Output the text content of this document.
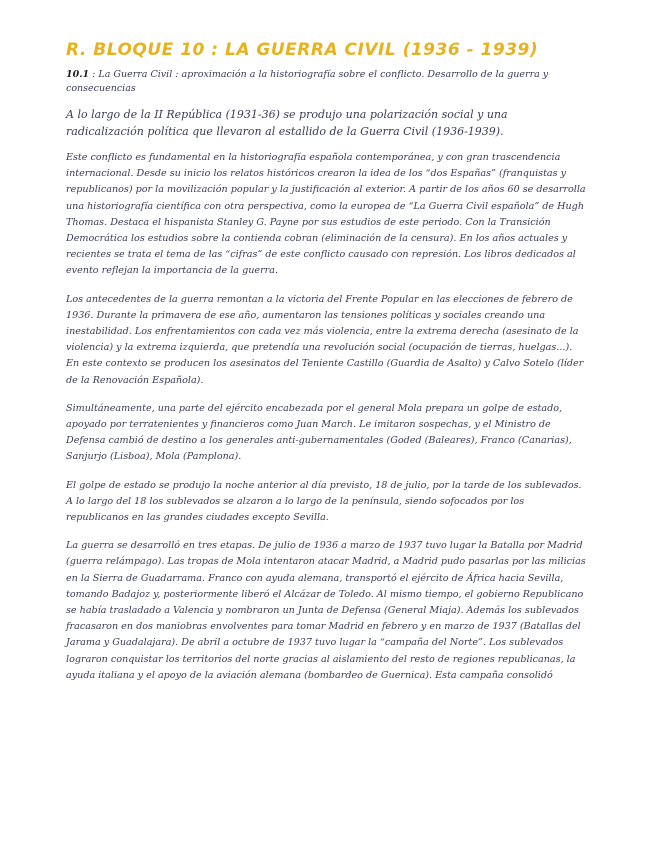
R. BLOQUE 10 : LA GUERRA CIVIL (1936 - 1939)
10.1 : La Guerra Civil : aproximación a la historiografía sobre el conflicto. Desarrollo de la guerra y consecuencias
A lo largo de la II República (1931-36) se produjo una polarización social y una radicalización política que llevaron al estallido de la Guerra Civil (1936-1939).
Este conflicto es fundamental en la historiografía española contemporánea, y con gran trascendencia internacional. Desde su inicio los relatos históricos crearon la idea de los “dos Españas” (franquistas y republicanos) por la movilización popular y la justificación al exterior. A partir de los años 60 se desarrolla una historiografía científica con otra perspectiva, como la europea de “La Guerra Civil española” de Hugh Thomas. Destaca el hispanista Stanley G. Payne por sus estudios de este periodo. Con la Transición Democrática los estudios sobre la contienda cobran (eliminación de la censura). En los años actuales y recientes se trata el tema de las “cifras” de este conflicto causado con represión. Los libros dedicados al evento reflejan la importancia de la guerra.
Los antecedentes de la guerra remontan a la victoria del Frente Popular en las elecciones de febrero de 1936. Durante la primavera de ese año, aumentaron las tensiones políticas y sociales creando una inestabilidad. Los enfrentamientos con cada vez más violencia, entre la extrema derecha (asesinato de la violencia) y la extrema izquierda, que pretendía una revolución social (ocupación de tierras, huelgas...). En este contexto se producen los asesinatos del Teniente Castillo (Guardia de Asalto) y Calvo Sotelo (líder de la Renovación Española).
Simultáneamente, una parte del ejército encabezada por el general Mola prepara un golpe de estado, apoyado por terratenientes y financieros como Juan March. Le imitaron sospechas, y el Ministro de Defensa cambió de destino a los generales anti-gubernamentales (Goded (Baleares), Franco (Canarias), Sanjurjo (Lisboa), Mola (Pamplona).
El golpe de estado se produjo la noche anterior al día previsto, 18 de julio, por la tarde de los sublevados. A lo largo del 18 los sublevados se alzaron a lo largo de la península, siendo sofocados por los republicanos en las grandes ciudades excepto Sevilla.
La guerra se desarrolló en tres etapas. De julio de 1936 a marzo de 1937 tuvo lugar la Batalla por Madrid (guerra relámpago). Las tropas de Mola intentaron atacar Madrid, a Madrid pudo pasarlas por las milicias en la Sierra de Guadarrama. Franco con ayuda alemana, transportó el ejército de África hacia Sevilla, tomando Badajoz y, posteriormente liberó el Alcázar de Toledo. Al mismo tiempo, el gobierno Republicano se había trasladado a Valencia y nombraron un Junta de Defensa (General Miaja). Además los sublevados fracasaron en dos maniobras envolventes para tomar Madrid en febrero y en marzo de 1937 (Batallas del Jarama y Guadalajara). De abril a octubre de 1937 tuvo lugar la “campaña del Norte”. Los sublevados lograron conquistar los territorios del norte gracias al aislamiento del resto de regiones republicanas, la ayuda italiana y el apoyo de la aviación alemana (bombardeo de Guernica). Esta campaña consolidó
